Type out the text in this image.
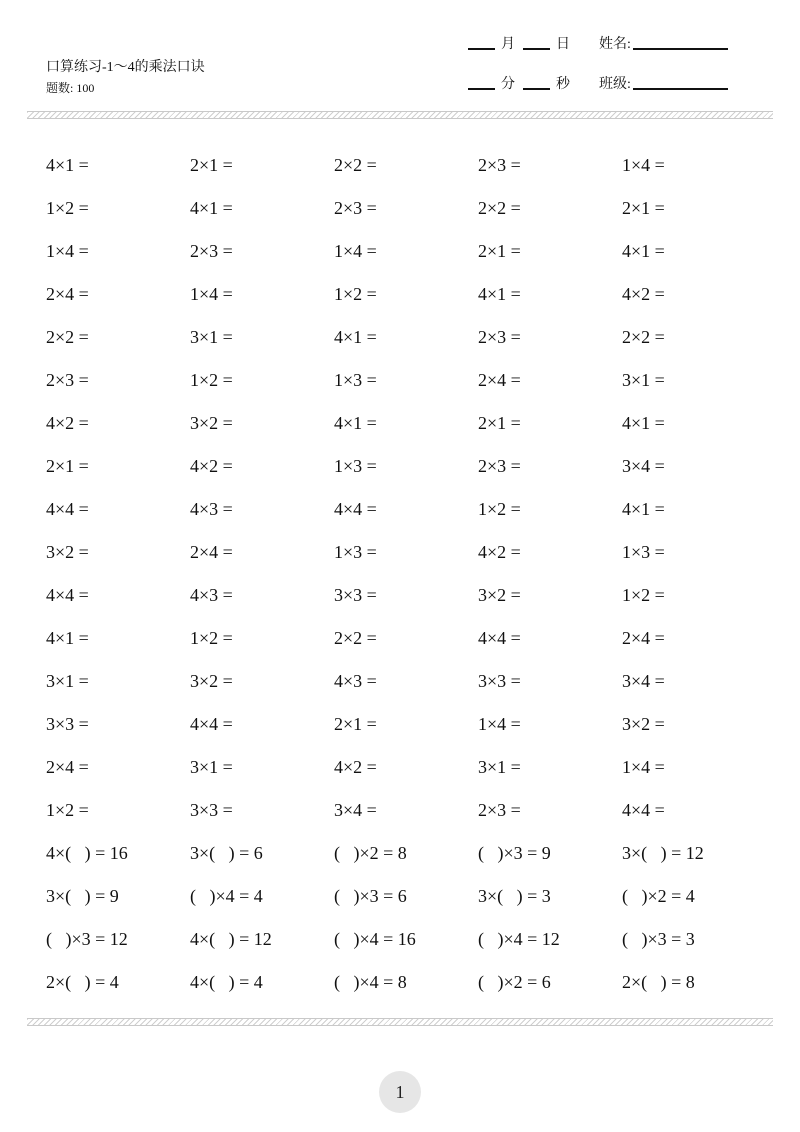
口算练习-1～4的乘法口诀
题数: 100
月	日
分	秒
姓名:
班级:
4×1 =	2×1 =	2×2 =	2×3 =	1×4 =
1×2 =	4×1 =	2×3 =	2×2 =	2×1 =
1×4 =	2×3 =	1×4 =	2×1 =	4×1 =
2×4 =	1×4 =	1×2 =	4×1 =	4×2 =
2×2 =	3×1 =	4×1 =	2×3 =	2×2 =
2×3 =	1×2 =	1×3 =	2×4 =	3×1 =
4×2 =	3×2 =	4×1 =	2×1 =	4×1 =
2×1 =	4×2 =	1×3 =	2×3 =	3×4 =
4×4 =	4×3 =	4×4 =	1×2 =	4×1 =
3×2 =	2×4 =	1×3 =	4×2 =	1×3 =
4×4 =	4×3 =	3×3 =	3×2 =	1×2 =
4×1 =	1×2 =	2×2 =	4×4 =	2×4 =
3×1 =	3×2 =	4×3 =	3×3 =	3×4 =
3×3 =	4×4 =	2×1 =	1×4 =	3×2 =
2×4 =	3×1 =	4×2 =	3×1 =	1×4 =
1×2 =	3×3 =	3×4 =	2×3 =	4×4 =
4×(   ) = 16	3×(   ) = 6	(   )×2 = 8	(   )×3 = 9	3×(   ) = 12
3×(   ) = 9	(   )×4 = 4	(   )×3 = 6	3×(   ) = 3	(   )×2 = 4
(   )×3 = 12	4×(   ) = 12	(   )×4 = 16	(   )×4 = 12	(   )×3 = 3
2×(   ) = 4	4×(   ) = 4	(   )×4 = 8	(   )×2 = 6	2×(   ) = 8
1
